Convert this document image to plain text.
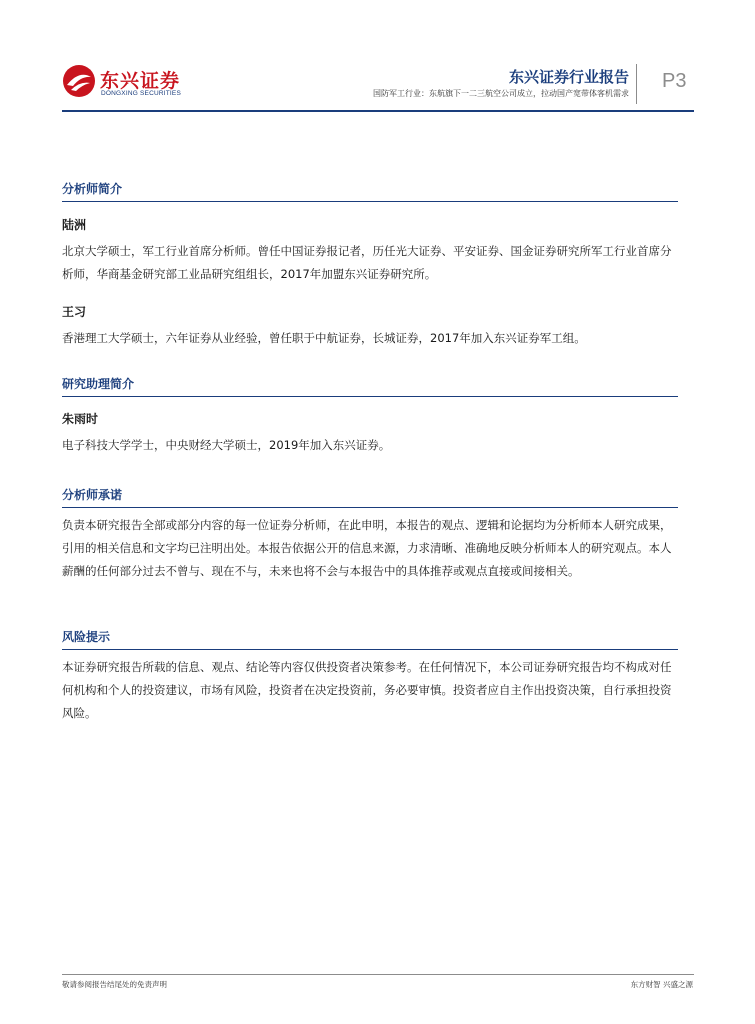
东兴证券
DONGXING SECURITIES
东兴证券行业报告
国防军工行业：东航旗下一二三航空公司成立，拉动国产宽带体客机需求
P3
分析师简介
陆洲

北京大学硕士，军工行业首席分析师。曾任中国证券报记者，历任光大证券、平安证券、国金证券研究所军工行业首席分析师，华商基金研究部工业品研究组组长，2017年加盟东兴证券研究所。

王习

香港理工大学硕士，六年证券从业经验，曾任职于中航证券，长城证券，2017年加入东兴证券军工组。

研究助理简介
朱雨时

电子科技大学学士，中央财经大学硕士，2019年加入东兴证券。

分析师承诺

负责本研究报告全部或部分内容的每一位证券分析师，在此申明，本报告的观点、逻辑和论据均为分析师本人研究成果，引用的相关信息和文字均已注明出处。本报告依据公开的信息来源，力求清晰、准确地反映分析师本人的研究观点。本人薪酬的任何部分过去不曾与、现在不与，未来也将不会与本报告中的具体推荐或观点直接或间接相关。

风险提示

本证券研究报告所载的信息、观点、结论等内容仅供投资者决策参考。在任何情况下，本公司证券研究报告均不构成对任何机构和个人的投资建议，市场有风险，投资者在决定投资前，务必要审慎。投资者应自主作出投资决策，自行承担投资风险。

敬请参阅报告结尾处的免责声明	东方财智 兴盛之源
